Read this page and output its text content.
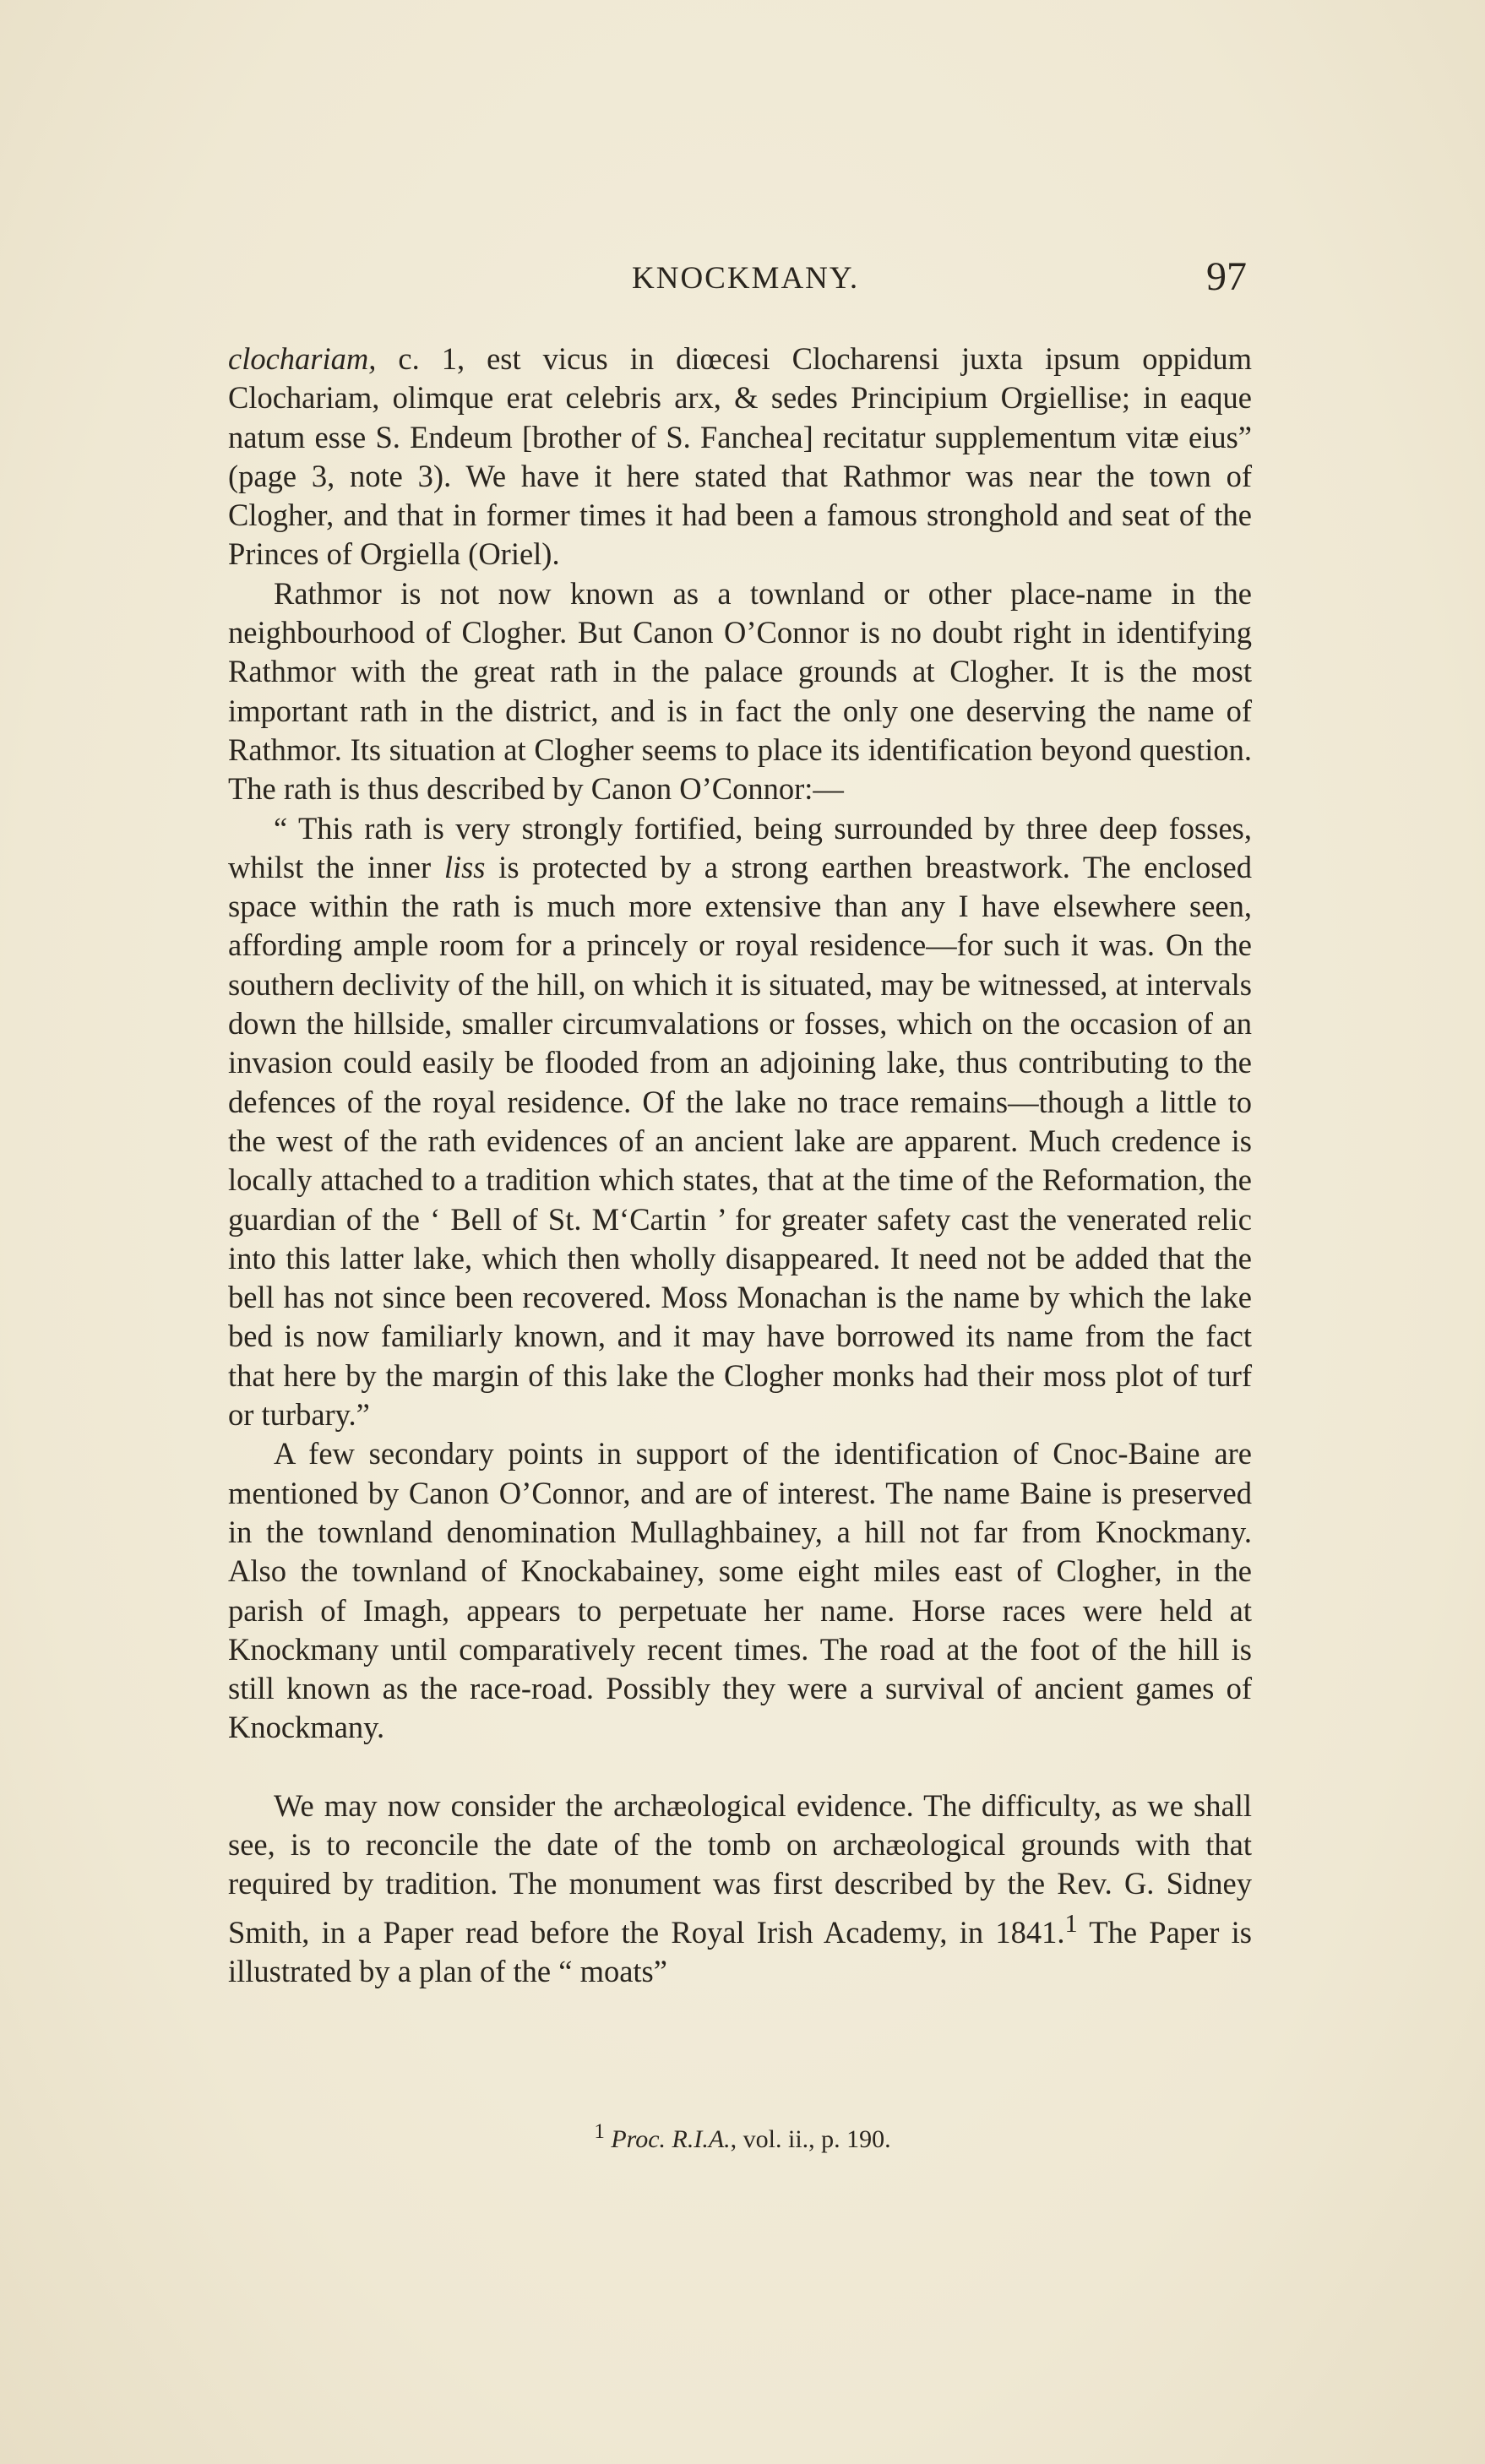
KNOCKMANY.	97

clochariam, c. 1, est vicus in diœcesi Clocharensi juxta ipsum oppidum Clochariam, olimque erat celebris arx, & sedes Principium Orgiellise; in eaque natum esse S. Endeum [brother of S. Fanchea] recitatur supplementum vitæ eius” (page 3, note 3). We have it here stated that Rathmor was near the town of Clogher, and that in former times it had been a famous stronghold and seat of the Princes of Orgiella (Oriel).

Rathmor is not now known as a townland or other place-name in the neighbourhood of Clogher. But Canon O’Connor is no doubt right in identifying Rathmor with the great rath in the palace grounds at Clogher. It is the most important rath in the district, and is in fact the only one deserving the name of Rathmor. Its situation at Clogher seems to place its identification beyond question. The rath is thus described by Canon O’Connor:—

“ This rath is very strongly fortified, being surrounded by three deep fosses, whilst the inner liss is protected by a strong earthen breastwork. The enclosed space within the rath is much more extensive than any I have elsewhere seen, affording ample room for a princely or royal residence—for such it was. On the southern declivity of the hill, on which it is situated, may be witnessed, at intervals down the hillside, smaller circumvalations or fosses, which on the occasion of an invasion could easily be flooded from an adjoining lake, thus contributing to the defences of the royal residence. Of the lake no trace remains—though a little to the west of the rath evidences of an ancient lake are apparent. Much credence is locally attached to a tradition which states, that at the time of the Reformation, the guardian of the ‘ Bell of St. M‘Cartin ’ for greater safety cast the venerated relic into this latter lake, which then wholly disappeared. It need not be added that the bell has not since been recovered. Moss Monachan is the name by which the lake bed is now familiarly known, and it may have borrowed its name from the fact that here by the margin of this lake the Clogher monks had their moss plot of turf or turbary.”

A few secondary points in support of the identification of Cnoc-Baine are mentioned by Canon O’Connor, and are of interest. The name Baine is preserved in the townland denomination Mullaghbainey, a hill not far from Knockmany. Also the townland of Knockabainey, some eight miles east of Clogher, in the parish of Imagh, appears to perpetuate her name. Horse races were held at Knockmany until comparatively recent times. The road at the foot of the hill is still known as the race-road. Possibly they were a survival of ancient games of Knockmany.

We may now consider the archæological evidence. The difficulty, as we shall see, is to reconcile the date of the tomb on archæological grounds with that required by tradition. The monument was first described by the Rev. G. Sidney Smith, in a Paper read before the Royal Irish Academy, in 1841.$^1$ The Paper is illustrated by a plan of the “ moats”

$^1$ Proc. R.I.A., vol. ii., p. 190.
